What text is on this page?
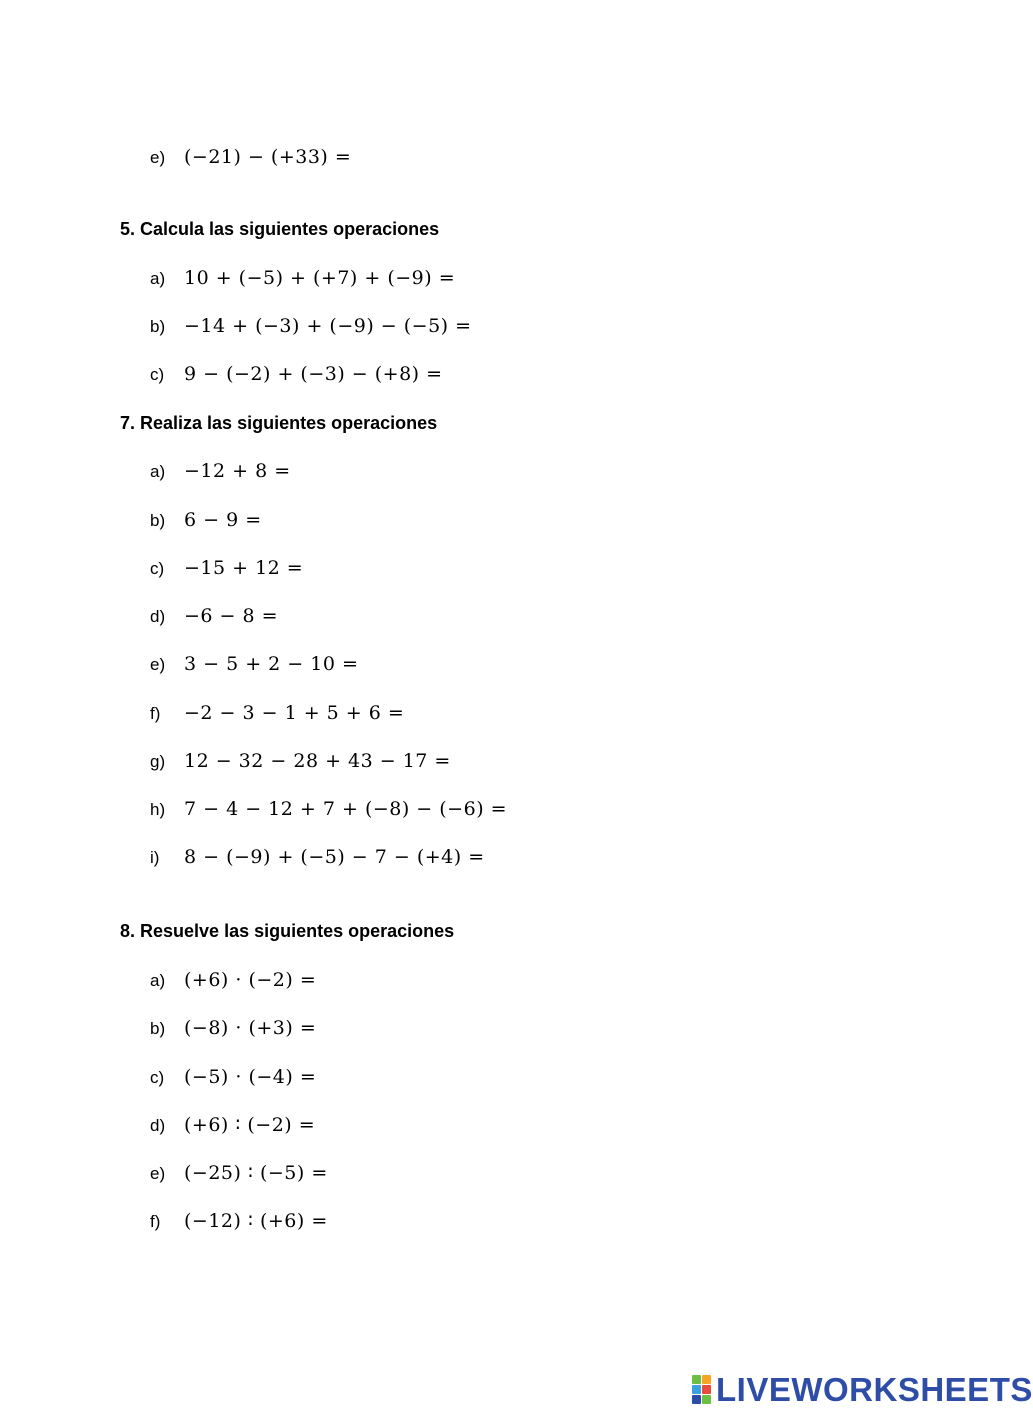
e) (−21) − (+33) =
5. Calcula las siguientes operaciones
a) 10 + (−5) + (+7) + (−9) =
b) −14 + (−3) + (−9) − (−5) =
c) 9 − (−2) + (−3) − (+8) =
7. Realiza las siguientes operaciones
a) −12 + 8 =
b) 6 − 9 =
c) −15 + 12 =
d) −6 − 8 =
e) 3 − 5 + 2 − 10 =
f) −2 − 3 − 1 + 5 + 6 =
g) 12 − 32 − 28 + 43 − 17 =
h) 7 − 4 − 12 + 7 + (−8) − (−6) =
i) 8 − (−9) + (−5) − 7 − (+4) =
8. Resuelve las siguientes operaciones
a) (+6) · (−2) =
b) (−8) · (+3) =
c) (−5) · (−4) =
d) (+6) ∶ (−2) =
e) (−25) ∶ (−5) =
f) (−12) ∶ (+6) =
LIVEWORKSHEETS
